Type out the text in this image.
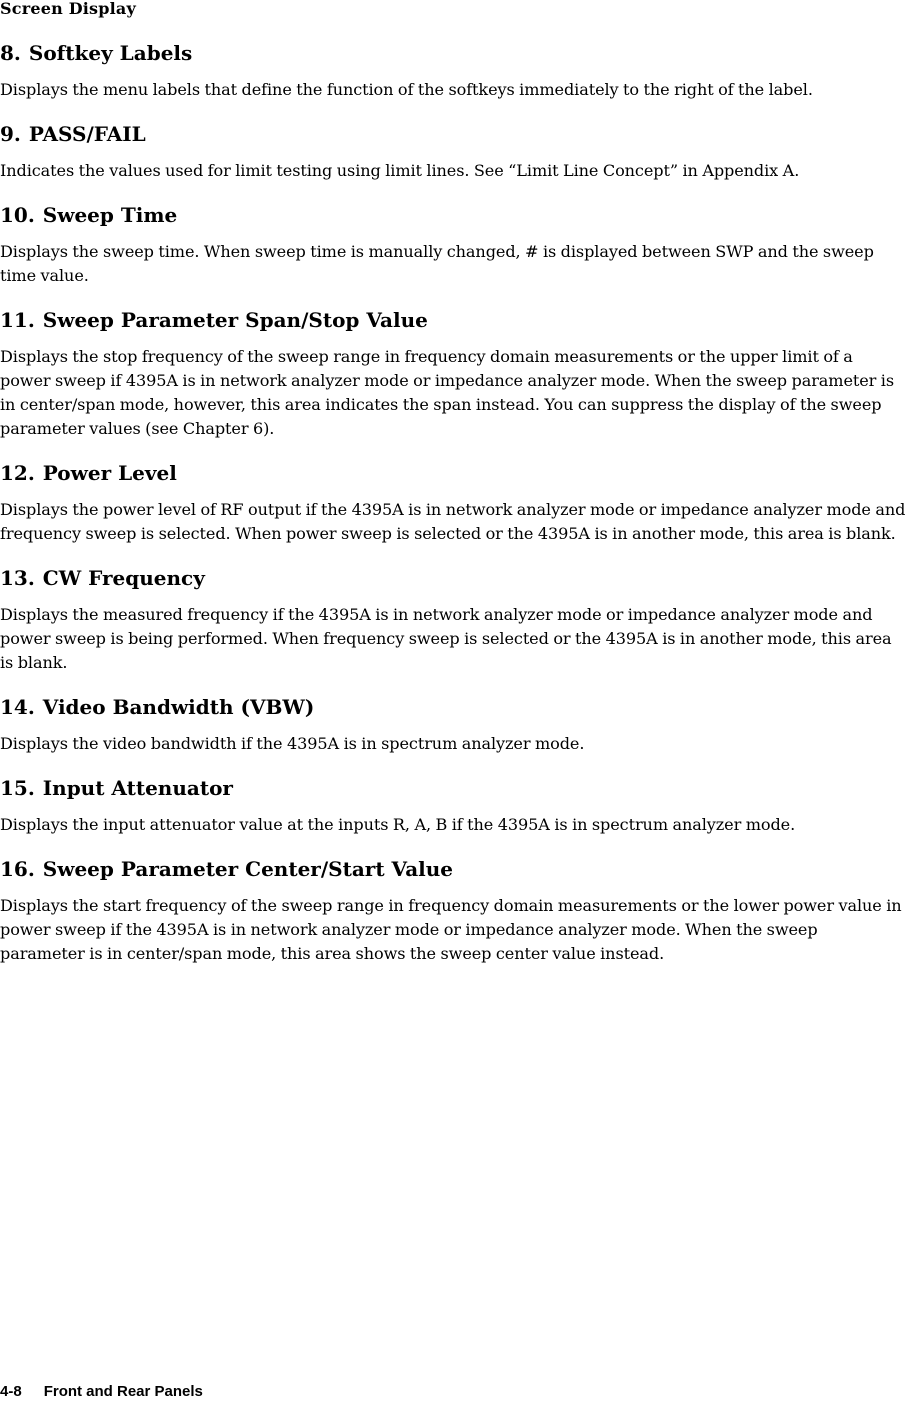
Screen Display
8. Softkey Labels

Displays the menu labels that define the function of the softkeys immediately to the right of the label.

9. PASS/FAIL

Indicates the values used for limit testing using limit lines. See “Limit Line Concept” in Appendix A.

10. Sweep Time

Displays the sweep time. When sweep time is manually changed, # is displayed between SWP and the sweep time value.

11. Sweep Parameter Span/Stop Value

Displays the stop frequency of the sweep range in frequency domain measurements or the upper limit of a power sweep if 4395A is in network analyzer mode or impedance analyzer mode. When the sweep parameter is in center/span mode, however, this area indicates the span instead. You can suppress the display of the sweep parameter values (see Chapter 6).

12. Power Level

Displays the power level of RF output if the 4395A is in network analyzer mode or impedance analyzer mode and frequency sweep is selected. When power sweep is selected or the 4395A is in another mode, this area is blank.

13. CW Frequency

Displays the measured frequency if the 4395A is in network analyzer mode or impedance analyzer mode and power sweep is being performed. When frequency sweep is selected or the 4395A is in another mode, this area is blank.

14. Video Bandwidth (VBW)

Displays the video bandwidth if the 4395A is in spectrum analyzer mode.

15. Input Attenuator

Displays the input attenuator value at the inputs R, A, B if the 4395A is in spectrum analyzer mode.

16. Sweep Parameter Center/Start Value

Displays the start frequency of the sweep range in frequency domain measurements or the lower power value in power sweep if the 4395A is in network analyzer mode or impedance analyzer mode. When the sweep parameter is in center/span mode, this area shows the sweep center value instead.

4-8 Front and Rear Panels
